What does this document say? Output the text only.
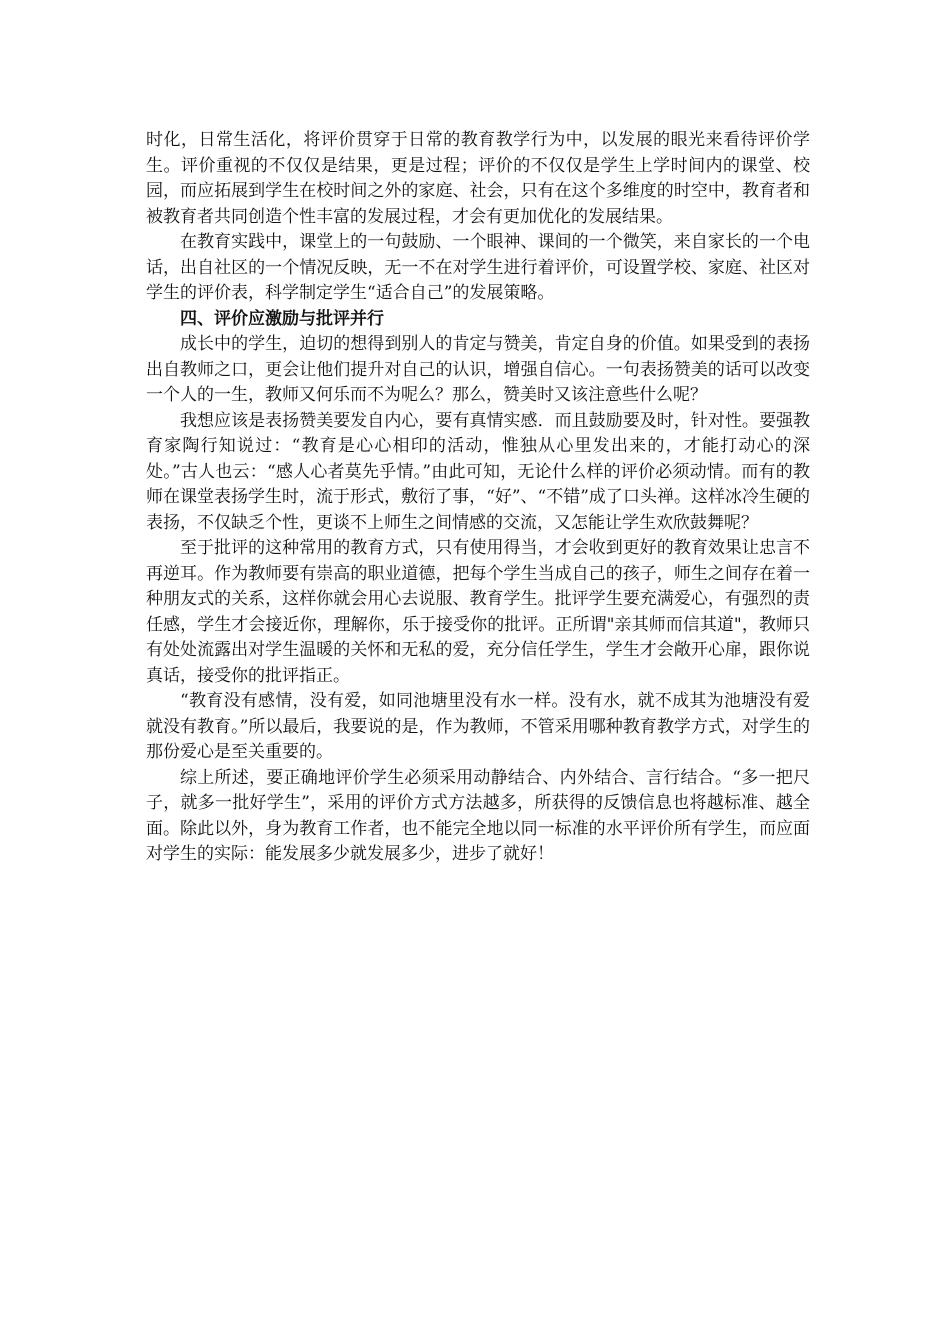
时化，日常生活化，将评价贯穿于日常的教育教学行为中，以发展的眼光来看待评价学生。评价重视的不仅仅是结果，更是过程；评价的不仅仅是学生上学时间内的课堂、校园，而应拓展到学生在校时间之外的家庭、社会，只有在这个多维度的时空中，教育者和被教育者共同创造个性丰富的发展过程，才会有更加优化的发展结果。

在教育实践中，课堂上的一句鼓励、一个眼神、课间的一个微笑，来自家长的一个电话，出自社区的一个情况反映，无一不在对学生进行着评价，可设置学校、家庭、社区对学生的评价表，科学制定学生“适合自己”的发展策略。

四、评价应激励与批评并行

成长中的学生，迫切的想得到别人的肯定与赞美，肯定自身的价值。如果受到的表扬出自教师之口，更会让他们提升对自己的认识，增强自信心。一句表扬赞美的话可以改变一个人的一生，教师又何乐而不为呢么？那么，赞美时又该注意些什么呢？

我想应该是表扬赞美要发自内心，要有真情实感．而且鼓励要及时，针对性。要强教育家陶行知说过：“教育是心心相印的活动，惟独从心里发出来的，才能打动心的深处。”古人也云：“感人心者莫先乎情。”由此可知，无论什么样的评价必须动情。而有的教师在课堂表扬学生时，流于形式，敷衍了事，“好”、“不错”成了口头禅。这样冰冷生硬的表扬，不仅缺乏个性，更谈不上师生之间情感的交流，又怎能让学生欢欣鼓舞呢？

至于批评的这种常用的教育方式，只有使用得当，才会收到更好的教育效果让忠言不再逆耳。作为教师要有崇高的职业道德，把每个学生当成自己的孩子，师生之间存在着一种朋友式的关系，这样你就会用心去说服、教育学生。批评学生要充满爱心，有强烈的责任感，学生才会接近你，理解你，乐于接受你的批评。正所谓"亲其师而信其道"，教师只有处处流露出对学生温暖的关怀和无私的爱，充分信任学生，学生才会敞开心扉，跟你说真话，接受你的批评指正。

“教育没有感情，没有爱，如同池塘里没有水一样。没有水，就不成其为池塘没有爱就没有教育。”所以最后，我要说的是，作为教师，不管采用哪种教育教学方式，对学生的那份爱心是至关重要的。

综上所述，要正确地评价学生必须采用动静结合、内外结合、言行结合。“多一把尺子，就多一批好学生”，采用的评价方式方法越多，所获得的反馈信息也将越标准、越全面。除此以外，身为教育工作者，也不能完全地以同一标准的水平评价所有学生，而应面对学生的实际：能发展多少就发展多少，进步了就好！
